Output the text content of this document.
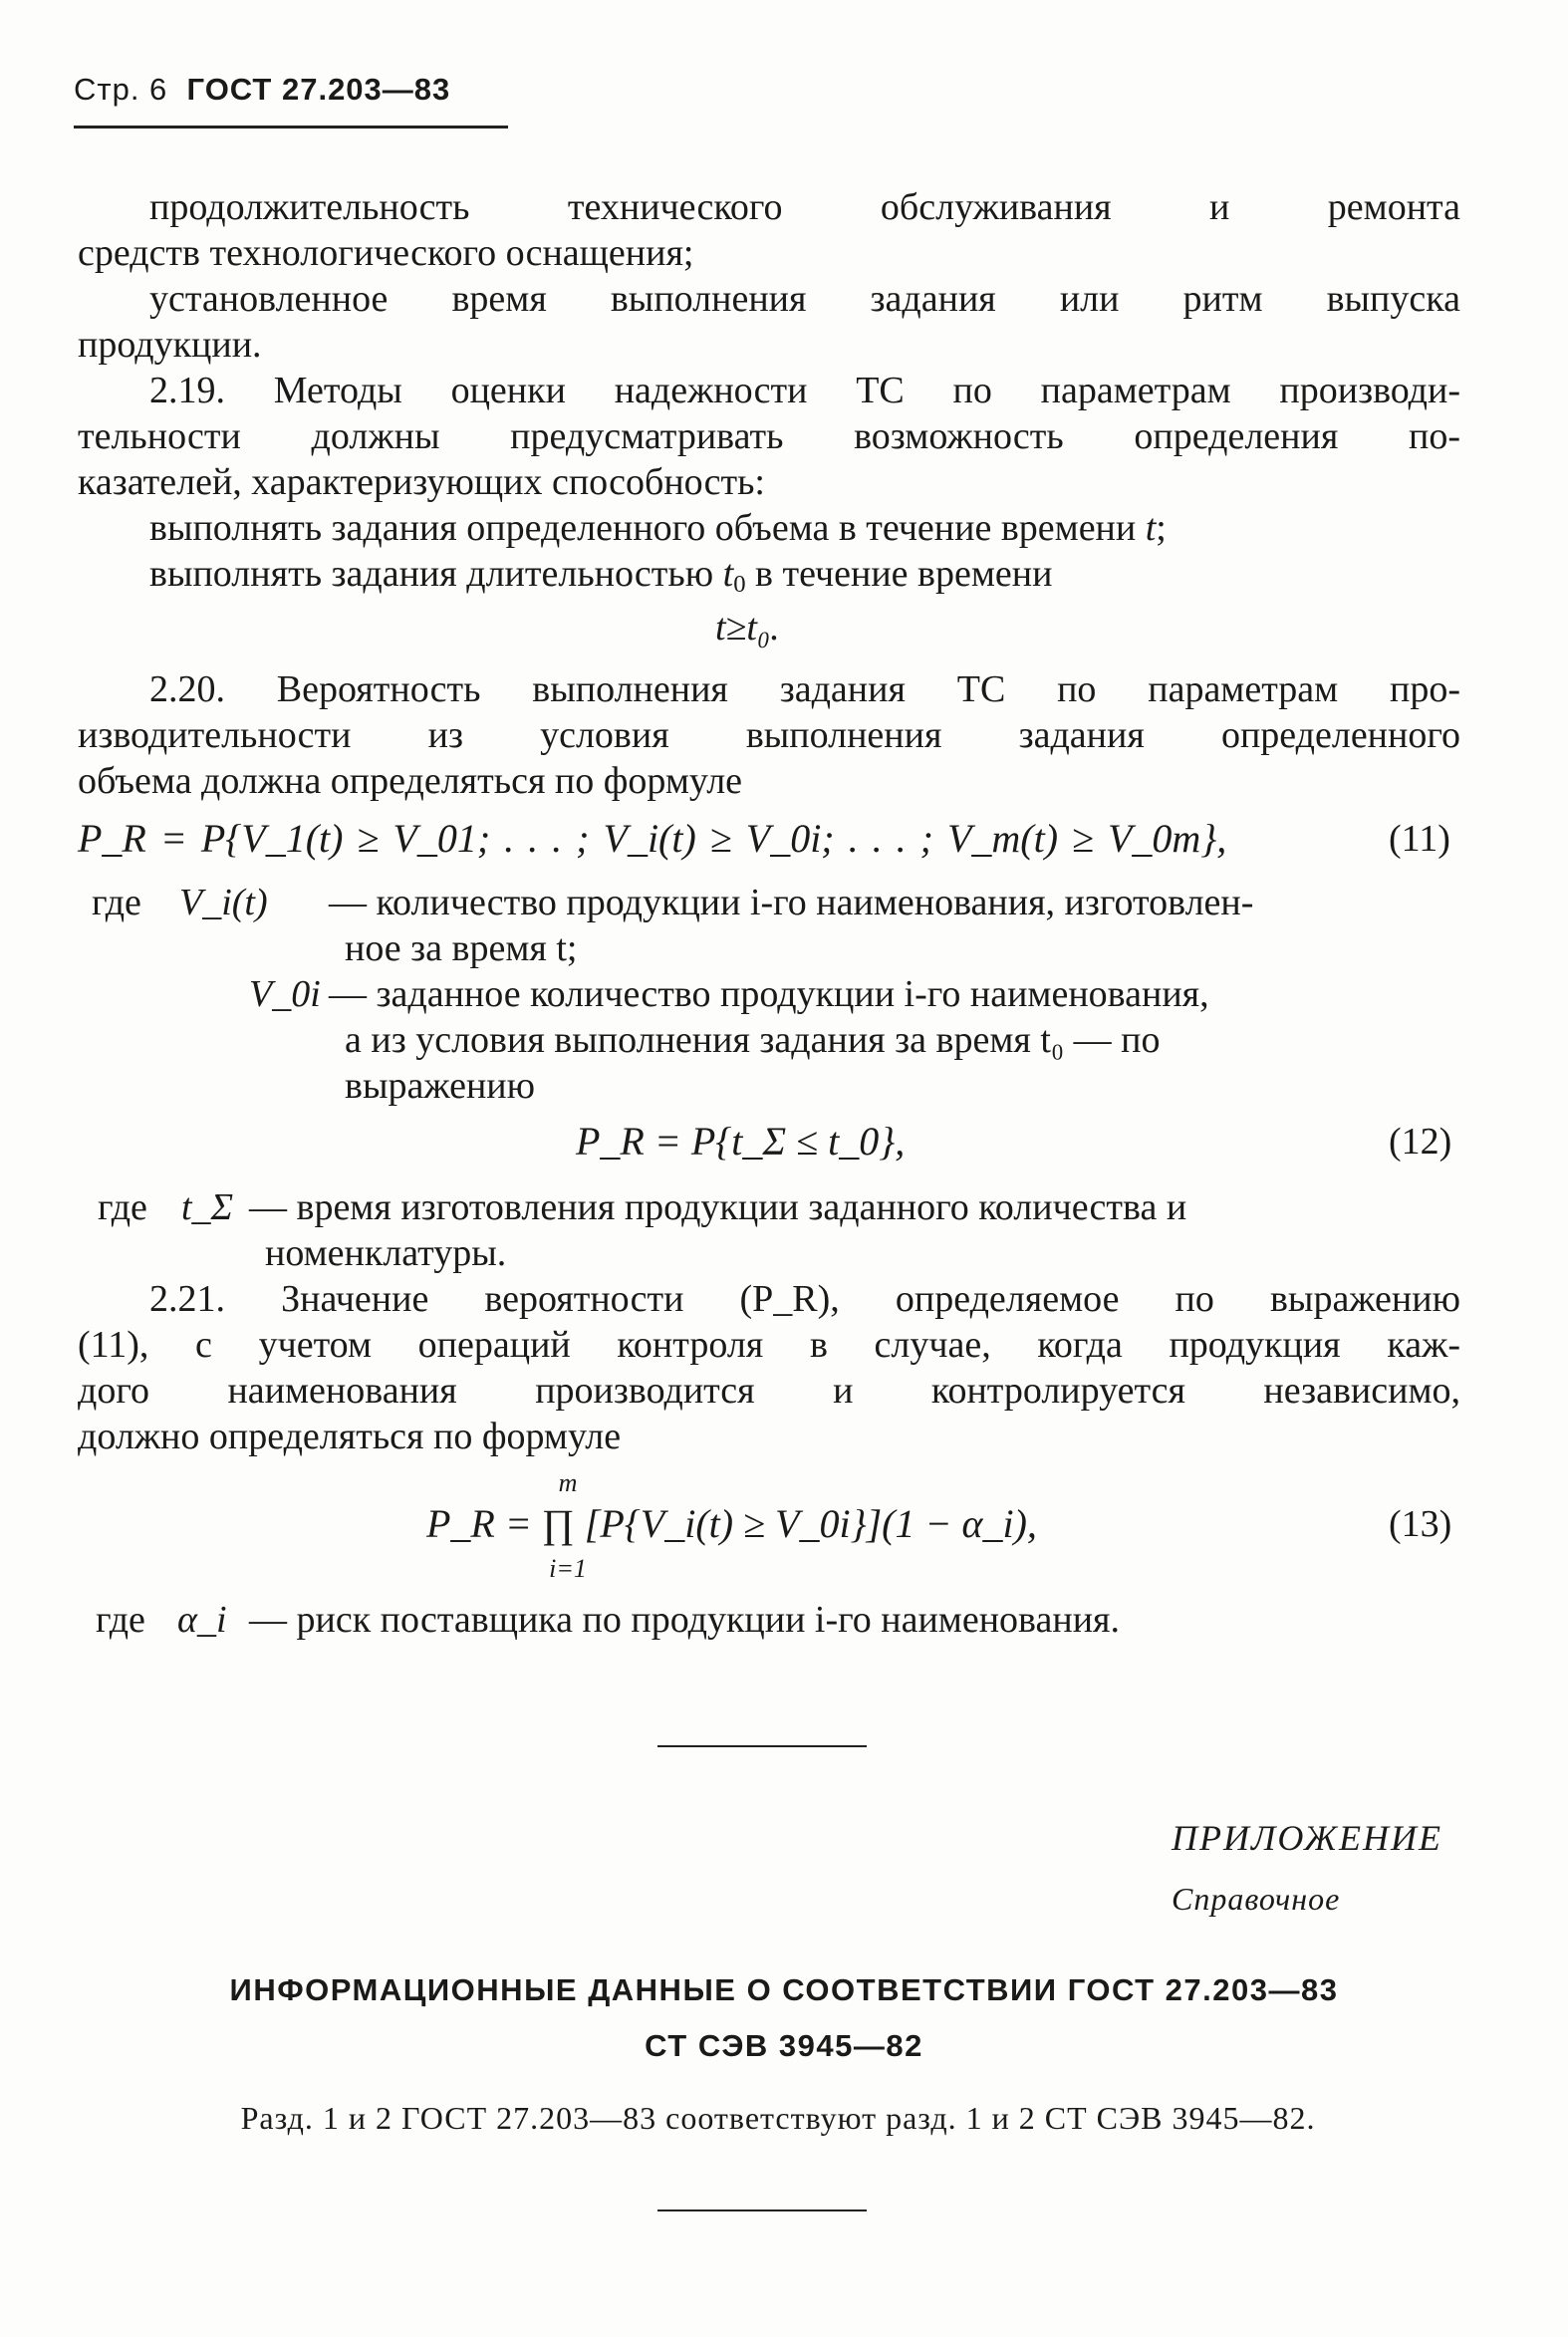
Стр. 6 ГОСТ 27.203—83
продолжительность технического обслуживания и ремонта
средств технологического оснащения;
установленное время выполнения задания или ритм выпуска
продукции.
2.19. Методы оценки надежности ТС по параметрам производи-
тельности должны предусматривать возможность определения по-
казателей, характеризующих способность:
выполнять задания определенного объема в течение времени t;
выполнять задания длительностью $t_0$ в течение времени
t≥t₀.
2.20. Вероятность выполнения задания ТС по параметрам про-
изводительности из условия выполнения задания определенного
объема должна определяться по формуле
P_R = P{V_1(t) ≥ V_01; . . . ; V_i(t) ≥ V_0i; . . . ; V_m(t) ≥ V_0m},	(11)
где V_i(t) — количество продукции i-го наименования, изготовлен-
ное за время t;
V_0i — заданное количество продукции i-го наименования,
а из условия выполнения задания за время t₀ — по
выражению
P_R = P{t_Σ ≤ t_0},	(12)
где t_Σ — время изготовления продукции заданного количества и
номенклатуры.
2.21. Значение вероятности (P_R), определяемое по выражению
(11), с учетом операций контроля в случае, когда продукция каж-
дого наименования производится и контролируется независимо,
должно определяться по формуле
m
P_R = ∏ [P{V_i(t) ≥ V_0i}](1 − α_i),
i=1
(13)
где α_i — риск поставщика по продукции i-го наименования.
ПРИЛОЖЕНИЕ
Справочное
ИНФОРМАЦИОННЫЕ ДАННЫЕ О СООТВЕТСТВИИ ГОСТ 27.203—83
СТ СЭВ 3945—82
Разд. 1 и 2 ГОСТ 27.203—83 соответствуют разд. 1 и 2 СТ СЭВ 3945—82.
